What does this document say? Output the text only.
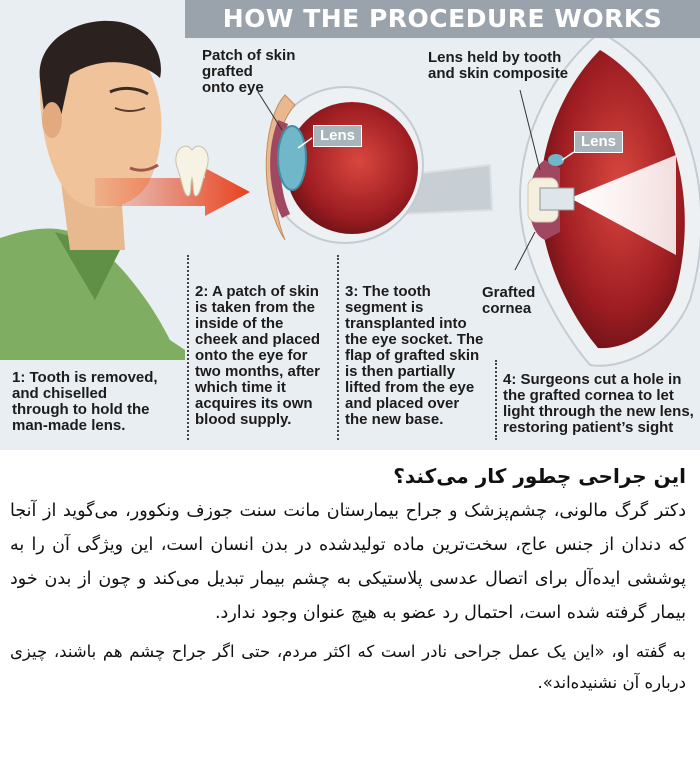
HOW THE PROCEDURE WORKS
Patch of skin
grafted
onto eye
Lens held by tooth
and skin composite
Lens	Lens
Grafted
cornea
1: Tooth is removed,
and chiselled
through to hold the
man-made lens.
2: A patch of skin
is taken from the
inside of the
cheek and placed
onto the eye for
two months, after
which time it
acquires its own
blood supply.
3: The tooth
segment is
transplanted into
the eye socket. The
flap of grafted skin
is then partially
lifted from the eye
and placed over
the new base.
4: Surgeons cut a hole in
the grafted cornea to let
light through the new lens,
restoring patient’s sight
این جراحی چطور کار می‌کند؟

دکتر گرگ مالونی، چشم‌پزشک و جراح بیمارستان مانت سنت جوزف ونکوور، می‌گوید از آنجا که دندان از جنس عاج، سخت‌ترین ماده تولیدشده در بدن انسان است، این ویژگی آن را به پوششی ایده‌آل برای اتصال عدسی پلاستیکی به چشم بیمار تبدیل می‌کند و چون از بدن خود بیمار گرفته شده است، احتمال رد عضو به هیچ عنوان وجود ندارد.

به گفته او، «این یک عمل جراحی نادر است که اکثر مردم، حتی اگر جراح چشم هم باشند، چیزی درباره آن نشنیده‌اند».
